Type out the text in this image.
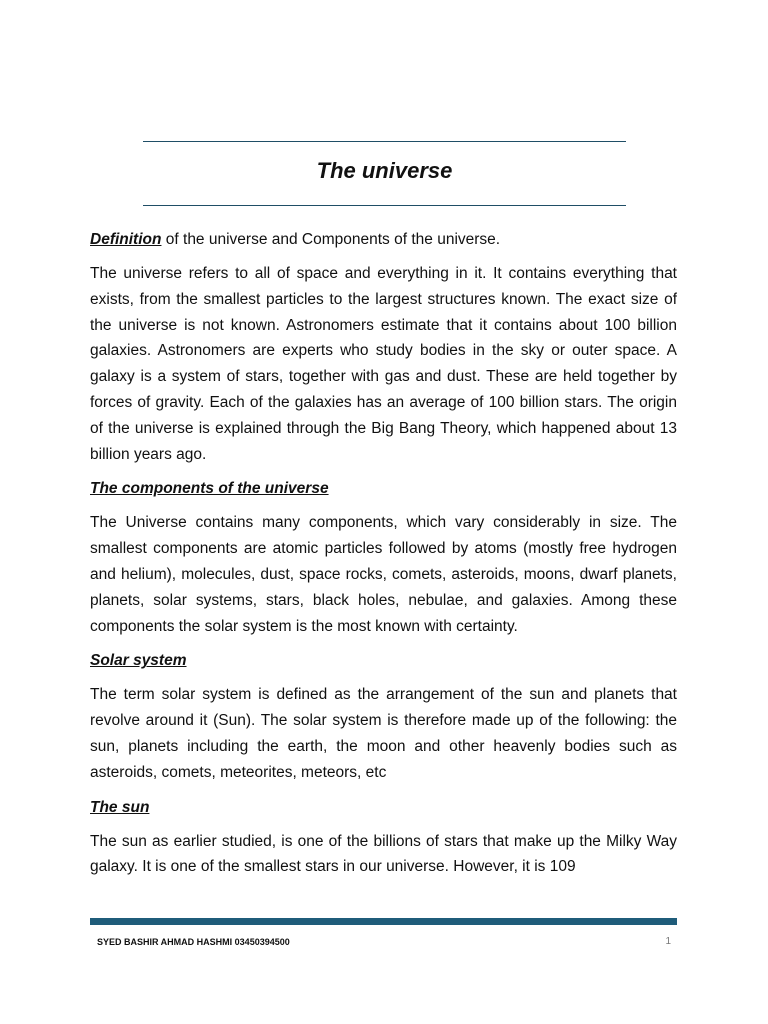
The universe

Definition of the universe and Components of the universe.

The universe refers to all of space and everything in it. It contains everything that exists, from the smallest particles to the largest structures known. The exact size of the universe is not known. Astronomers estimate that it contains about 100 billion galaxies. Astronomers are experts who study bodies in the sky or outer space. A galaxy is a system of stars, together with gas and dust. These are held together by forces of gravity. Each of the galaxies has an average of 100 billion stars. The origin of the universe is explained through the Big Bang Theory, which happened about 13 billion years ago.

The components of the universe

The Universe contains many components, which vary considerably in size. The smallest components are atomic particles followed by atoms (mostly free hydrogen and helium), molecules, dust, space rocks, comets, asteroids, moons, dwarf planets, planets, solar systems, stars, black holes, nebulae, and galaxies. Among these components the solar system is the most known with certainty.

Solar system

The term solar system is defined as the arrangement of the sun and planets that revolve around it (Sun). The solar system is therefore made up of the following: the sun, planets including the earth, the moon and other heavenly bodies such as asteroids, comets, meteorites, meteors, etc

The sun

The sun as earlier studied, is one of the billions of stars that make up the Milky Way galaxy. It is one of the smallest stars in our universe. However, it is 109

SYED BASHIR AHMAD HASHMI 03450394500	1
